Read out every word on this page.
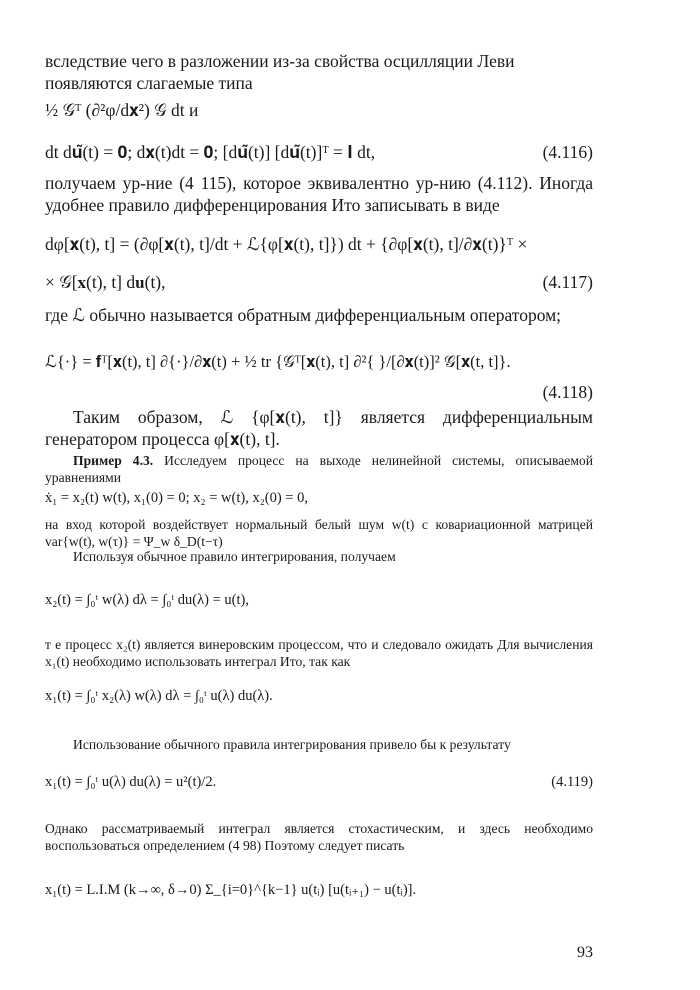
вследствие чего в разложении из-за свойства осцилляции Леви

появляются слагаемые типа

½ 𝒢ᵀ (∂²φ/d𝐱²) 𝒢 dt и
dt d𝐮̃(t) = 𝟎; d𝐱(t)dt = 𝟎; [d𝐮̃(t)] [d𝐮̃(t)]ᵀ = 𝐈 dt,	(4.116)

получаем ур-ние (4 115), которое эквивалентно ур-нию (4.112). Иногда удобнее правило дифференцирования Ито записывать в виде

dφ[𝐱(t), t] = (∂φ[𝐱(t), t]/dt + ℒ{φ[𝐱(t), t]}) dt + {∂φ[𝐱(t), t]/∂𝐱(t)}ᵀ ×
× 𝒢[𝐱(t), t] d𝐮(t),	(4.117)

где ℒ обычно называется обратным дифференциальным оператором;

ℒ{·} = 𝐟ᵀ[𝐱(t), t] ∂{·}/∂𝐱(t) + ½ tr {𝒢ᵀ[𝐱(t), t] ∂²{ }/[∂𝐱(t)]² 𝒢[𝐱(t, t]}.
(4.118)

Таким образом, ℒ {φ[𝐱(t), t]} является дифференциальным генератором процесса φ[𝐱(t), t].

Пример 4.3. Исследуем процесс на выходе нелинейной системы, описываемой уравнениями

ẋ₁ = x₂(t) w(t), x₁(0) = 0; x₂ = w(t), x₂(0) = 0,

на вход которой воздействует нормальный белый шум w(t) с ковариационной матрицей var{w(t), w(τ)} = Ψ_w δ_D(t−τ)

Используя обычное правило интегрирования, получаем

x₂(t) = ∫₀ᵗ w(λ) dλ = ∫₀ᵗ du(λ) = u(t),

т е процесс x₂(t) является винеровским процессом, что и следовало ожидать Для вычисления x₁(t) необходимо использовать интеграл Ито, так как

x₁(t) = ∫₀ᵗ x₂(λ) w(λ) dλ = ∫₀ᵗ u(λ) du(λ).

Использование обычного правила интегрирования привело бы к результату

x₁(t) = ∫₀ᵗ u(λ) du(λ) = u²(t)/2.	(4.119)

Однако рассматриваемый интеграл является стохастическим, и здесь необходимо воспользоваться определением (4 98) Поэтому следует писать

x₁(t) = L.I.M (k→∞, δ→0) Σ_{i=0}^{k−1} u(tᵢ) [u(tᵢ₊₁) − u(tᵢ)].
93
